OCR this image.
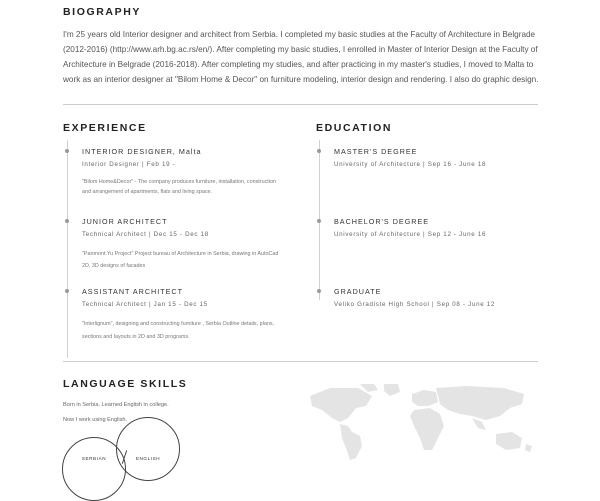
BIOGRAPHY

I'm 25 years old Interior designer and architect from Serbia. I completed my basic studies at the Faculty of Architecture in Belgrade (2012-2016) (http://www.arh.bg.ac.rs/en/). After completing my basic studies, I enrolled in Master of Interior Design at the Faculty of Architecture in Belgrade (2016-2018). After completing my studies, and after practicing in my master's studies, I moved to Malta to work as an interior designer at "Bilom Home & Decor" on furniture modeling, interior design and rendering. I also do graphic design.

EXPERIENCE

INTERIOR DESIGNER, Malta

Interior Designer | Feb 19 -

"Bilom Home&Decor" - The company produces furniture, installation, construction and arrangement of apartments, flats and living space.

JUNIOR ARCHITECT

Technical Architect | Dec 15 - Dec 18

"Panmont Yu Project" Project bureau of Architecture in Serbia, drawing in AutoCad 2D, 3D designs of facades

ASSISTANT ARCHITECT

Technical Architect | Jan 15 - Dec 15

"Interlignum", designing and constructing furniture , Serbia Outline details, plans, sections and layouts in 2D and 3D programs.

EDUCATION

MASTER'S DEGREE

University of Architecture | Sep 16 - June 18

BACHELOR'S DEGREE

University of Architecture | Sep 12 - June 16

GRADUATE

Veliko Gradiste High School | Sep 08 - June 12

LANGUAGE SKILLS

Born in Serbia. Learned English in college.

Now I work using English.

SERBIAN	ENGLISH
